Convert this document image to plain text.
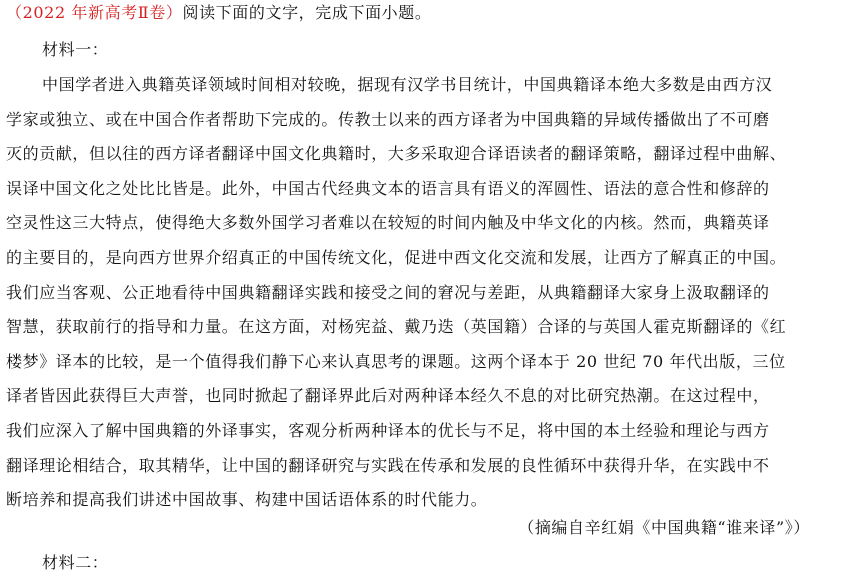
（2022 年新高考Ⅱ卷）阅读下面的文字，完成下面小题。
材料一：

中国学者进入典籍英译领域时间相对较晚，据现有汉学书目统计，中国典籍译本绝大多数是由西方汉

学家或独立、或在中国合作者帮助下完成的。传教士以来的西方译者为中国典籍的异域传播做出了不可磨

灭的贡献，但以往的西方译者翻译中国文化典籍时，大多采取迎合译语读者的翻译策略，翻译过程中曲解、

误译中国文化之处比比皆是。此外，中国古代经典文本的语言具有语义的浑圆性、语法的意合性和修辞的

空灵性这三大特点，使得绝大多数外国学习者难以在较短的时间内触及中华文化的内核。然而，典籍英译

的主要目的，是向西方世界介绍真正的中国传统文化，促进中西文化交流和发展，让西方了解真正的中国。

我们应当客观、公正地看待中国典籍翻译实践和接受之间的窘况与差距，从典籍翻译大家身上汲取翻译的

智慧，获取前行的指导和力量。在这方面，对杨宪益、戴乃迭（英国籍）合译的与英国人霍克斯翻译的《红

楼梦》译本的比较，是一个值得我们静下心来认真思考的课题。这两个译本于 20 世纪 70 年代出版，三位

译者皆因此获得巨大声誉，也同时掀起了翻译界此后对两种译本经久不息的对比研究热潮。在这过程中，

我们应深入了解中国典籍的外译事实，客观分析两种译本的优长与不足，将中国的本土经验和理论与西方

翻译理论相结合，取其精华，让中国的翻译研究与实践在传承和发展的良性循环中获得升华，在实践中不

断培养和提高我们讲述中国故事、构建中国话语体系的时代能力。

（摘编自辛红娟《中国典籍“谁来译”》）
材料二：
